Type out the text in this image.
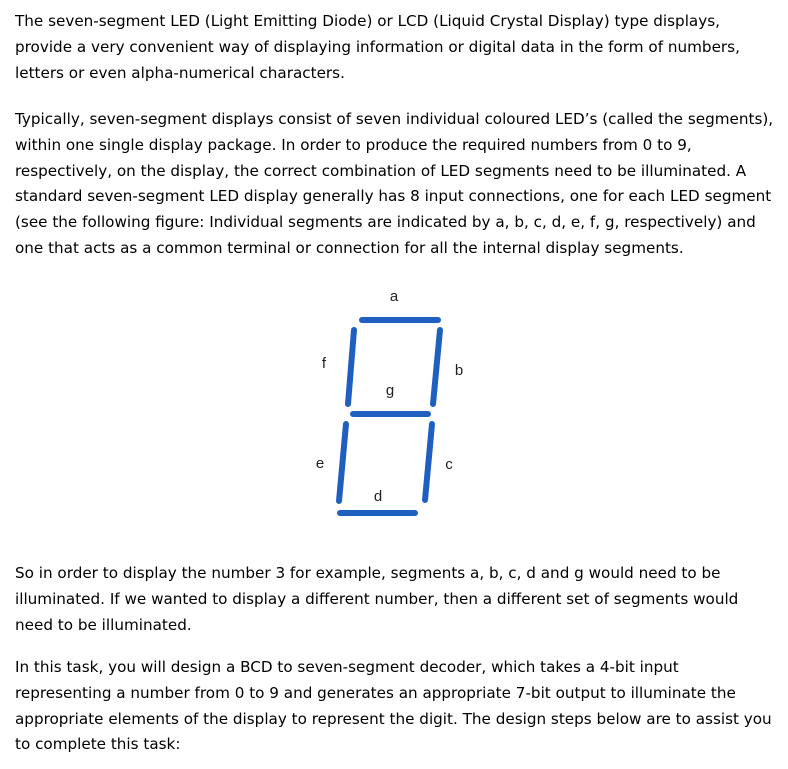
The seven-segment LED (Light Emitting Diode) or LCD (Liquid Crystal Display) type displays, provide a very convenient way of displaying information or digital data in the form of numbers, letters or even alpha-numerical characters.

Typically, seven-segment displays consist of seven individual coloured LED’s (called the segments), within one single display package. In order to produce the required numbers from 0 to 9, respectively, on the display, the correct combination of LED segments need to be illuminated. A standard seven-segment LED display generally has 8 input connections, one for each LED segment (see the following figure: Individual segments are indicated by a, b, c, d, e, f, g, respectively) and one that acts as a common terminal or connection for all the internal display segments.

a
b
c
d
e
f
g

So in order to display the number 3 for example, segments a, b, c, d and g would need to be illuminated. If we wanted to display a different number, then a different set of segments would need to be illuminated.

In this task, you will design a BCD to seven-segment decoder, which takes a 4-bit input representing a number from 0 to 9 and generates an appropriate 7-bit output to illuminate the appropriate elements of the display to represent the digit. The design steps below are to assist you to complete this task:
